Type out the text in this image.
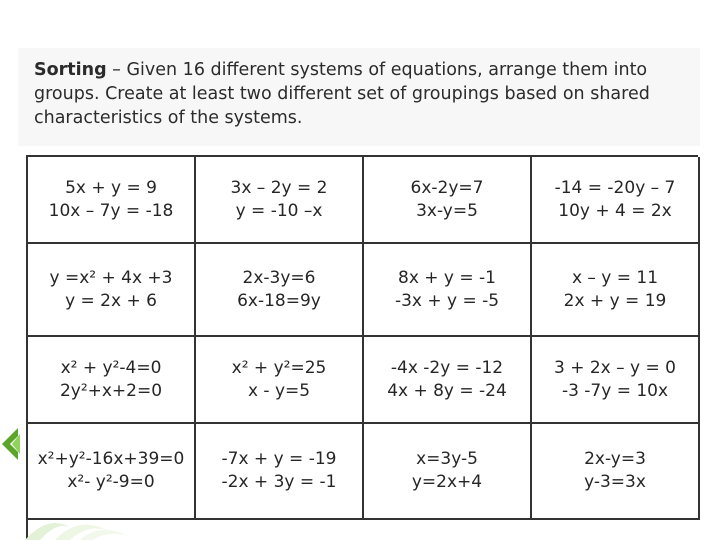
Sorting – Given 16 different systems of equations, arrange them into groups. Create at least two different set of groupings based on shared characteristics of the systems.

5x + y = 9
10x – 7y = -18
3x – 2y = 2
y = -10 –x
6x-2y=7
3x-y=5
-14 = -20y – 7
10y + 4 = 2x
y =x² + 4x +3
y = 2x + 6
2x-3y=6
6x-18=9y
8x + y = -1
-3x + y = -5
x – y = 11
2x + y = 19
x² + y²-4=0
2y²+x+2=0
x² + y²=25
x - y=5
-4x -2y = -12
4x + 8y = -24
3 + 2x – y = 0
-3 -7y = 10x
x²+y²-16x+39=0
x²- y²-9=0
-7x + y = -19
-2x + 3y = -1
x=3y-5
y=2x+4
2x-y=3
y-3=3x
